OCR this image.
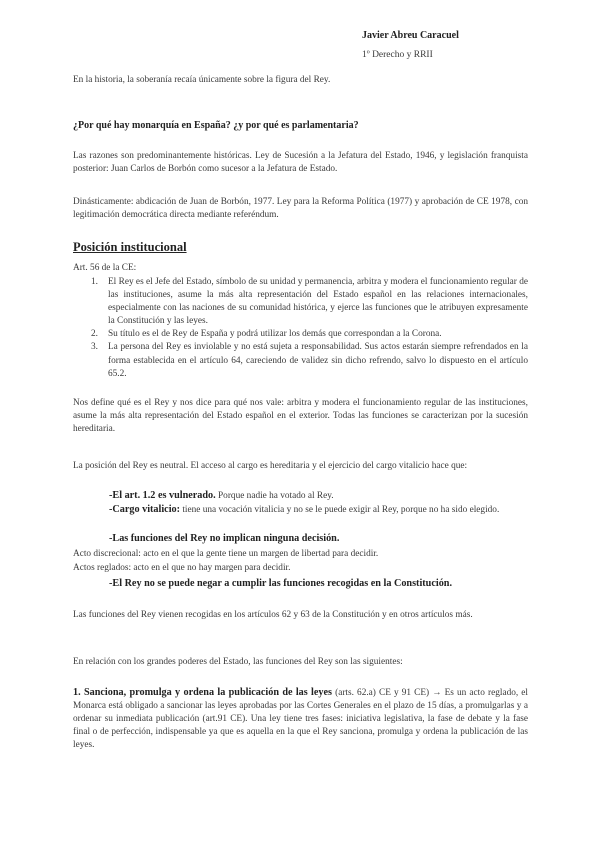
Javier Abreu Caracuel

1º Derecho y RRII

En la historia, la soberanía recaía únicamente sobre la figura del Rey.

¿Por qué hay monarquía en España? ¿y por qué es parlamentaria?

Las razones son predominantemente históricas. Ley de Sucesión a la Jefatura del Estado, 1946, y legislación franquista posterior: Juan Carlos de Borbón como sucesor a la Jefatura de Estado.

Dinásticamente: abdicación de Juan de Borbón, 1977. Ley para la Reforma Política (1977) y aprobación de CE 1978, con legitimación democrática directa mediante referéndum.

Posición institucional

Art. 56 de la CE:

1. El Rey es el Jefe del Estado, símbolo de su unidad y permanencia, arbitra y modera el funcionamiento regular de las instituciones, asume la más alta representación del Estado español en las relaciones internacionales, especialmente con las naciones de su comunidad histórica, y ejerce las funciones que le atribuyen expresamente la Constitución y las leyes.
2. Su título es el de Rey de España y podrá utilizar los demás que correspondan a la Corona.
3. La persona del Rey es inviolable y no está sujeta a responsabilidad. Sus actos estarán siempre refrendados en la forma establecida en el artículo 64, careciendo de validez sin dicho refrendo, salvo lo dispuesto en el artículo 65.2.

Nos define qué es el Rey y nos dice para qué nos vale: arbitra y modera el funcionamiento regular de las instituciones, asume la más alta representación del Estado español en el exterior. Todas las funciones se caracterizan por la sucesión hereditaria.

La posición del Rey es neutral. El acceso al cargo es hereditaria y el ejercicio del cargo vitalicio hace que:

-El art. 1.2 es vulnerado. Porque nadie ha votado al Rey.

-Cargo vitalicio: tiene una vocación vitalicia y no se le puede exigir al Rey, porque no ha sido elegido.

-Las funciones del Rey no implican ninguna decisión.

Acto discrecional: acto en el que la gente tiene un margen de libertad para decidir.

Actos reglados: acto en el que no hay margen para decidir.

-El Rey no se puede negar a cumplir las funciones recogidas en la Constitución.

Las funciones del Rey vienen recogidas en los artículos 62 y 63 de la Constitución y en otros artículos más.

En relación con los grandes poderes del Estado, las funciones del Rey son las siguientes:

1. Sanciona, promulga y ordena la publicación de las leyes (arts. 62.a) CE y 91 CE) → Es un acto reglado, el Monarca está obligado a sancionar las leyes aprobadas por las Cortes Generales en el plazo de 15 días, a promulgarlas y a ordenar su inmediata publicación (art.91 CE). Una ley tiene tres fases: iniciativa legislativa, la fase de debate y la fase final o de perfección, indispensable ya que es aquella en la que el Rey sanciona, promulga y ordena la publicación de las leyes.
